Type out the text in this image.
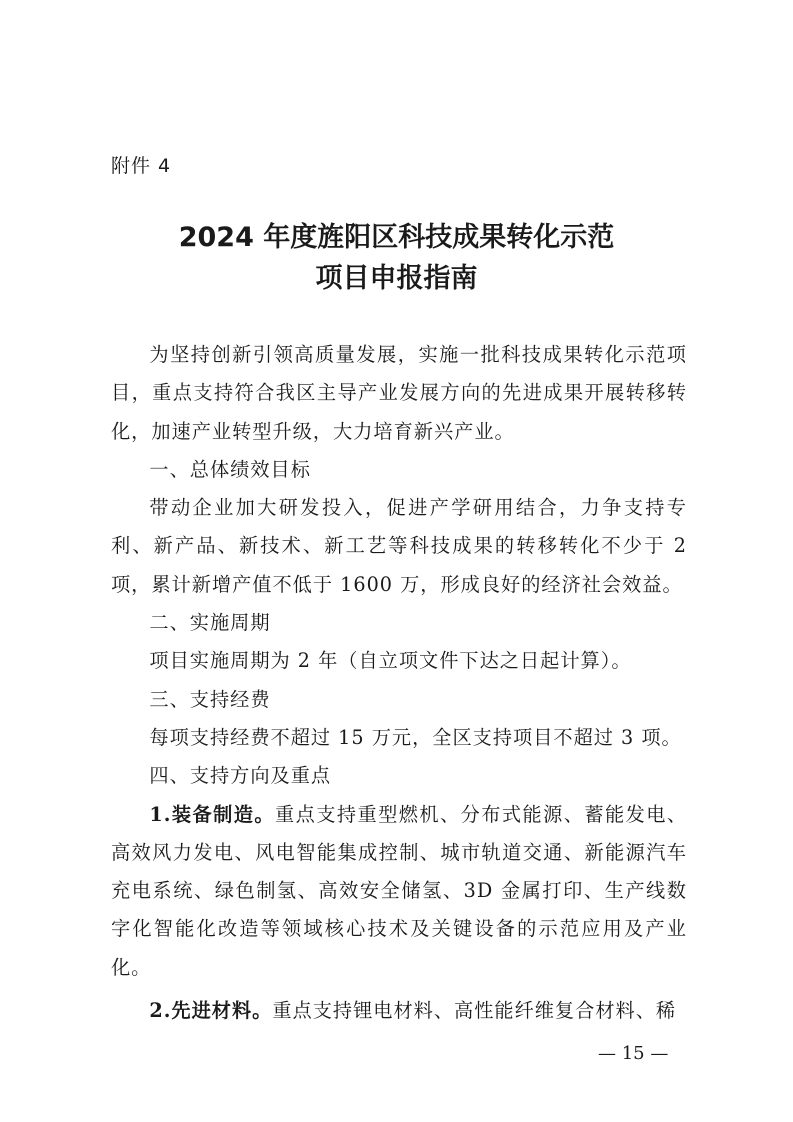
附件 4
2024 年度旌阳区科技成果转化示范
项目申报指南

为坚持创新引领高质量发展，实施一批科技成果转化示范项目，重点支持符合我区主导产业发展方向的先进成果开展转移转化，加速产业转型升级，大力培育新兴产业。

一、总体绩效目标

带动企业加大研发投入，促进产学研用结合，力争支持专利、新产品、新技术、新工艺等科技成果的转移转化不少于 2 项，累计新增产值不低于 1600 万，形成良好的经济社会效益。

二、实施周期

项目实施周期为 2 年（自立项文件下达之日起计算）。

三、支持经费

每项支持经费不超过 15 万元，全区支持项目不超过 3 项。

四、支持方向及重点

1.装备制造。重点支持重型燃机、分布式能源、蓄能发电、高效风力发电、风电智能集成控制、城市轨道交通、新能源汽车充电系统、绿色制氢、高效安全储氢、3D 金属打印、生产线数字化智能化改造等领域核心技术及关键设备的示范应用及产业化。

2.先进材料。重点支持锂电材料、高性能纤维复合材料、稀

— 15 —
